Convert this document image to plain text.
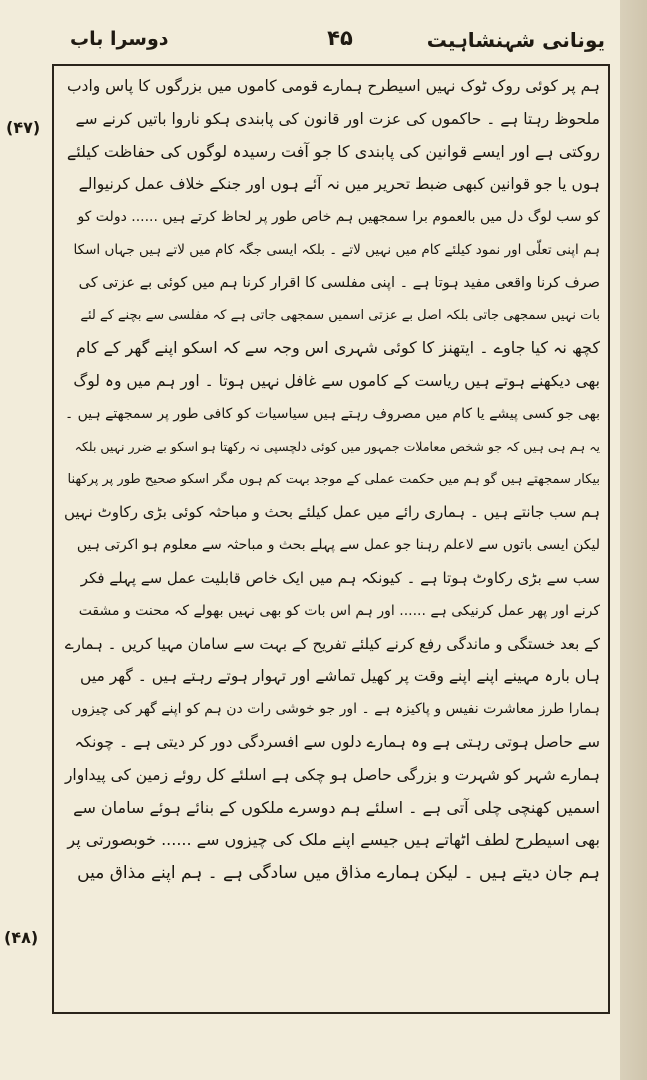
یونانی شہنشاہیت
۴۵
دوسرا باب
(۴۷)
(۴۸)
ہم پر کوئی روک ٹوک نہیں اسیطرح ہمارے قومی کاموں میں بزرگوں کا پاس وادب
ملحوظ رہتا ہے ۔ حاکموں کی عزت اور قانون کی پابندی ہکو ناروا باتیں کرنے سے
روکتی ہے اور ایسے قوانین کی پابندی کا جو آفت رسیدہ لوگوں کی حفاظت کیلئے
ہوں یا جو قوانین کبھی ضبط تحریر میں نہ آئے ہوں اور جنکے خلاف عمل کرنیوالے
کو سب لوگ دل میں بالعموم برا سمجھیں ہم خاص طور پر لحاظ کرتے ہیں ...... دولت کو
ہم اپنی تعلّی اور نمود کیلئے کام میں نہیں لاتے ۔ بلکہ ایسی جگہ کام میں لاتے ہیں جہاں اسکا
صرف کرنا واقعی مفید ہوتا ہے ۔ اپنی مفلسی کا اقرار کرنا ہم میں کوئی بے عزتی کی
بات نہیں سمجھی جاتی بلکہ اصل بے عزتی اسمیں سمجھی جاتی ہے کہ مفلسی سے بچنے کے لئے
کچھ نہ کیا جاوے ۔ ایتھنز کا کوئی شہری اس وجہ سے کہ اسکو اپنے گھر کے کام
بھی دیکھنے ہوتے ہیں ریاست کے کاموں سے غافل نہیں ہوتا ۔ اور ہم میں وہ لوگ
بھی جو کسی پیشے یا کام میں مصروف رہتے ہیں سیاسیات کو کافی طور پر سمجھتے ہیں ۔
یہ ہم ہی ہیں کہ جو شخص معاملات جمہور میں کوئی دلچسپی نہ رکھتا ہو اسکو بے ضرر نہیں بلکہ
بیکار سمجھتے ہیں گو ہم میں حکمت عملی کے موجد بہت کم ہوں مگر اسکو صحیح طور پر پرکھنا
ہم سب جانتے ہیں ۔ ہماری رائے میں عمل کیلئے بحث و مباحثہ کوئی بڑی رکاوٹ نہیں
لیکن ایسی باتوں سے لاعلم رہنا جو عمل سے پہلے بحث و مباحثہ سے معلوم ہو اکرتی ہیں
سب سے بڑی رکاوٹ ہوتا ہے ۔ کیونکہ ہم میں ایک خاص قابلیت عمل سے پہلے فکر
کرنے اور پھر عمل کرنیکی ہے ...... اور ہم اس بات کو بھی نہیں بھولے کہ محنت و مشقت
کے بعد خستگی و ماندگی رفع کرنے کیلئے تفریح کے بہت سے سامان مہیا کریں ۔ ہمارے
ہاں بارہ مہینے اپنے اپنے وقت پر کھیل تماشے اور تہوار ہوتے رہتے ہیں ۔ گھر میں
ہمارا طرز معاشرت نفیس و پاکیزہ ہے ۔ اور جو خوشی رات دن ہم کو اپنے گھر کی چیزوں
سے حاصل ہوتی رہتی ہے وہ ہمارے دلوں سے افسردگی دور کر دیتی ہے ۔ چونکہ
ہمارے شہر کو شہرت و بزرگی حاصل ہو چکی ہے اسلئے کل روئے زمین کی پیداوار
اسمیں کھنچی چلی آتی ہے ۔ اسلئے ہم دوسرے ملکوں کے بنائے ہوئے سامان سے
بھی اسیطرح لطف اٹھاتے ہیں جیسے اپنے ملک کی چیزوں سے ...... خوبصورتی پر
ہم جان دیتے ہیں ۔ لیکن ہمارے مذاق میں سادگی ہے ۔ ہم اپنے مذاق میں
